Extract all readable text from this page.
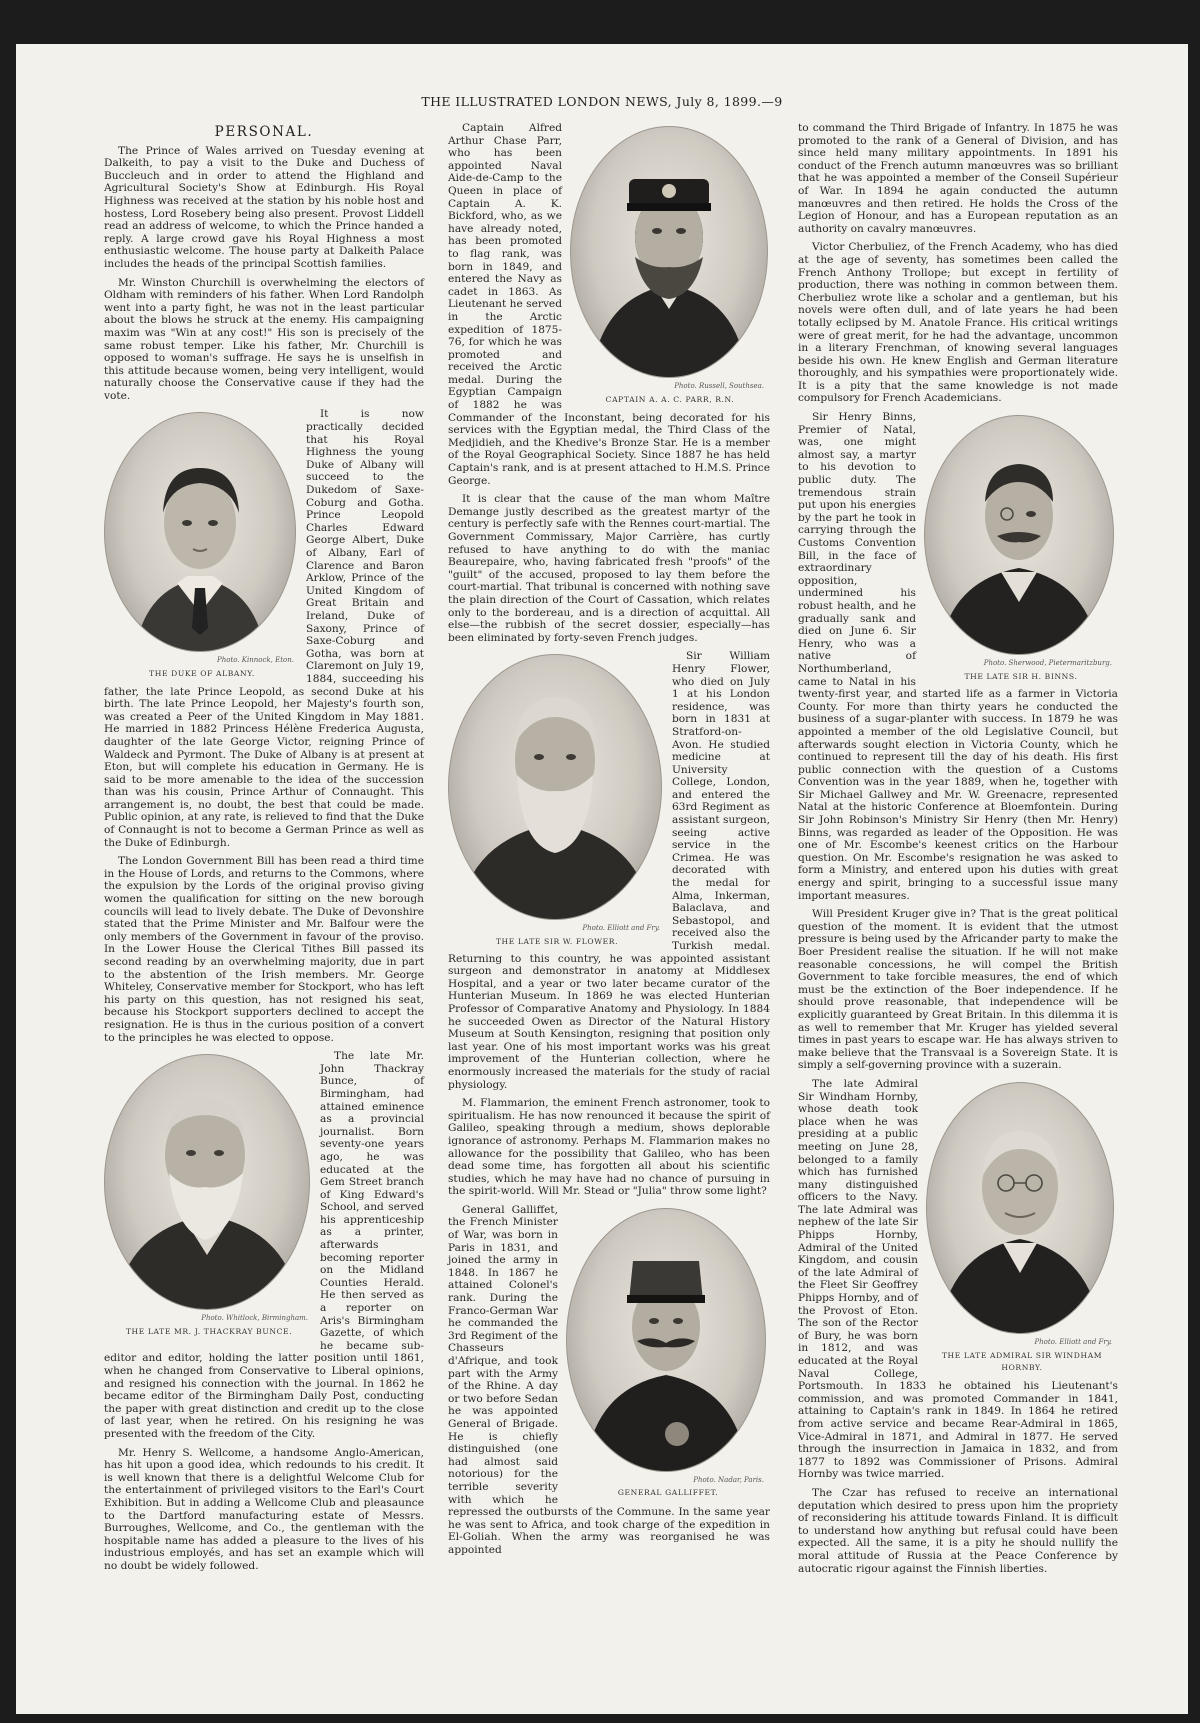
THE ILLUSTRATED LONDON NEWS, July 8, 1899.—9
PERSONAL.

The Prince of Wales arrived on Tuesday evening at Dalkeith, to pay a visit to the Duke and Duchess of Buccleuch and in order to attend the Highland and Agricultural Society's Show at Edinburgh. His Royal Highness was received at the station by his noble host and hostess, Lord Rosebery being also present. Provost Liddell read an address of welcome, to which the Prince handed a reply. A large crowd gave his Royal Highness a most enthusiastic welcome. The house party at Dalkeith Palace includes the heads of the principal Scottish families.

Mr. Winston Churchill is overwhelming the electors of Oldham with reminders of his father. When Lord Randolph went into a party fight, he was not in the least particular about the blows he struck at the enemy. His campaigning maxim was "Win at any cost!" His son is precisely of the same robust temper. Like his father, Mr. Churchill is opposed to woman's suffrage. He says he is unselfish in this attitude because women, being very intelligent, would naturally choose the Conservative cause if they had the vote.

Photo. Kinnock, Eton.
THE DUKE OF ALBANY.

It is now practically decided that his Royal Highness the young Duke of Albany will succeed to the Dukedom of Saxe-Coburg and Gotha. Prince Leopold Charles Edward George Albert, Duke of Albany, Earl of Clarence and Baron Arklow, Prince of the United Kingdom of Great Britain and Ireland, Duke of Saxony, Prince of Saxe-Coburg and Gotha, was born at Claremont on July 19, 1884, succeeding his father, the late Prince Leopold, as second Duke at his birth. The late Prince Leopold, her Majesty's fourth son, was created a Peer of the United Kingdom in May 1881. He married in 1882 Princess Hélène Frederica Augusta, daughter of the late George Victor, reigning Prince of Waldeck and Pyrmont. The Duke of Albany is at present at Eton, but will complete his education in Germany. He is said to be more amenable to the idea of the succession than was his cousin, Prince Arthur of Connaught. This arrangement is, no doubt, the best that could be made. Public opinion, at any rate, is relieved to find that the Duke of Connaught is not to become a German Prince as well as the Duke of Edinburgh.

The London Government Bill has been read a third time in the House of Lords, and returns to the Commons, where the expulsion by the Lords of the original proviso giving women the qualification for sitting on the new borough councils will lead to lively debate. The Duke of Devonshire stated that the Prime Minister and Mr. Balfour were the only members of the Government in favour of the proviso. In the Lower House the Clerical Tithes Bill passed its second reading by an overwhelming majority, due in part to the abstention of the Irish members. Mr. George Whiteley, Conservative member for Stockport, who has left his party on this question, has not resigned his seat, because his Stockport supporters declined to accept the resignation. He is thus in the curious position of a convert to the principles he was elected to oppose.

Photo. Whitlock, Birmingham.
THE LATE MR. J. THACKRAY BUNCE.

The late Mr. John Thackray Bunce, of Birmingham, had attained eminence as a provincial journalist. Born seventy-one years ago, he was educated at the Gem Street branch of King Edward's School, and served his apprenticeship as a printer, afterwards becoming reporter on the Midland Counties Herald. He then served as a reporter on Aris's Birmingham Gazette, of which he became sub-editor and editor, holding the latter position until 1861, when he changed from Conservative to Liberal opinions, and resigned his connection with the journal. In 1862 he became editor of the Birmingham Daily Post, conducting the paper with great distinction and credit up to the close of last year, when he retired. On his resigning he was presented with the freedom of the City.

Mr. Henry S. Wellcome, a handsome Anglo-American, has hit upon a good idea, which redounds to his credit. It is well known that there is a delightful Welcome Club for the entertainment of privileged visitors to the Earl's Court Exhibition. But in adding a Wellcome Club and pleasaunce to the Dartford manufacturing estate of Messrs. Burroughes, Wellcome, and Co., the gentleman with the hospitable name has added a pleasure to the lives of his industrious employés, and has set an example which will no doubt be widely followed.

Photo. Russell, Southsea.
CAPTAIN A. A. C. PARR, R.N.

Captain Alfred Arthur Chase Parr, who has been appointed Naval Aide-de-Camp to the Queen in place of Captain A. K. Bickford, who, as we have already noted, has been promoted to flag rank, was born in 1849, and entered the Navy as cadet in 1863. As Lieutenant he served in the Arctic expedition of 1875-76, for which he was promoted and received the Arctic medal. During the Egyptian Campaign of 1882 he was Commander of the Inconstant, being decorated for his services with the Egyptian medal, the Third Class of the Medjidieh, and the Khedive's Bronze Star. He is a member of the Royal Geographical Society. Since 1887 he has held Captain's rank, and is at present attached to H.M.S. Prince George.

It is clear that the cause of the man whom Maître Demange justly described as the greatest martyr of the century is perfectly safe with the Rennes court-martial. The Government Commissary, Major Carrière, has curtly refused to have anything to do with the maniac Beaurepaire, who, having fabricated fresh "proofs" of the "guilt" of the accused, proposed to lay them before the court-martial. That tribunal is concerned with nothing save the plain direction of the Court of Cassation, which relates only to the bordereau, and is a direction of acquittal. All else—the rubbish of the secret dossier, especially—has been eliminated by forty-seven French judges.

Photo. Elliott and Fry.
THE LATE SIR W. FLOWER.

Sir William Henry Flower, who died on July 1 at his London residence, was born in 1831 at Stratford-on-Avon. He studied medicine at University College, London, and entered the 63rd Regiment as assistant surgeon, seeing active service in the Crimea. He was decorated with the medal for Alma, Inkerman, Balaclava, and Sebastopol, and received also the Turkish medal. Returning to this country, he was appointed assistant surgeon and demonstrator in anatomy at Middlesex Hospital, and a year or two later became curator of the Hunterian Museum. In 1869 he was elected Hunterian Professor of Comparative Anatomy and Physiology. In 1884 he succeeded Owen as Director of the Natural History Museum at South Kensington, resigning that position only last year. One of his most important works was his great improvement of the Hunterian collection, where he enormously increased the materials for the study of racial physiology.

M. Flammarion, the eminent French astronomer, took to spiritualism. He has now renounced it because the spirit of Galileo, speaking through a medium, shows deplorable ignorance of astronomy. Perhaps M. Flammarion makes no allowance for the possibility that Galileo, who has been dead some time, has forgotten all about his scientific studies, which he may have had no chance of pursuing in the spirit-world. Will Mr. Stead or "Julia" throw some light?

Photo. Nadar, Paris.
GENERAL GALLIFFET.

General Galliffet, the French Minister of War, was born in Paris in 1831, and joined the army in 1848. In 1867 he attained Colonel's rank. During the Franco-German War he commanded the 3rd Regiment of the Chasseurs d'Afrique, and took part with the Army of the Rhine. A day or two before Sedan he was appointed General of Brigade. He is chiefly distinguished (one had almost said notorious) for the terrible severity with which he repressed the outbursts of the Commune. In the same year he was sent to Africa, and took charge of the expedition in El-Goliah. When the army was reorganised he was appointed

to command the Third Brigade of Infantry. In 1875 he was promoted to the rank of a General of Division, and has since held many military appointments. In 1891 his conduct of the French autumn manœuvres was so brilliant that he was appointed a member of the Conseil Supérieur of War. In 1894 he again conducted the autumn manœuvres and then retired. He holds the Cross of the Legion of Honour, and has a European reputation as an authority on cavalry manœuvres.

Victor Cherbuliez, of the French Academy, who has died at the age of seventy, has sometimes been called the French Anthony Trollope; but except in fertility of production, there was nothing in common between them. Cherbuliez wrote like a scholar and a gentleman, but his novels were often dull, and of late years he had been totally eclipsed by M. Anatole France. His critical writings were of great merit, for he had the advantage, uncommon in a literary Frenchman, of knowing several languages beside his own. He knew English and German literature thoroughly, and his sympathies were proportionately wide. It is a pity that the same knowledge is not made compulsory for French Academicians.

Photo. Sherwood, Pietermaritzburg.
THE LATE SIR H. BINNS.

Sir Henry Binns, Premier of Natal, was, one might almost say, a martyr to his devotion to public duty. The tremendous strain put upon his energies by the part he took in carrying through the Customs Convention Bill, in the face of extraordinary opposition, undermined his robust health, and he gradually sank and died on June 6. Sir Henry, who was a native of Northumberland, came to Natal in his twenty-first year, and started life as a farmer in Victoria County. For more than thirty years he conducted the business of a sugar-planter with success. In 1879 he was appointed a member of the old Legislative Council, but afterwards sought election in Victoria County, which he continued to represent till the day of his death. His first public connection with the question of a Customs Convention was in the year 1889, when he, together with Sir Michael Gallwey and Mr. W. Greenacre, represented Natal at the historic Conference at Bloemfontein. During Sir John Robinson's Ministry Sir Henry (then Mr. Henry) Binns, was regarded as leader of the Opposition. He was one of Mr. Escombe's keenest critics on the Harbour question. On Mr. Escombe's resignation he was asked to form a Ministry, and entered upon his duties with great energy and spirit, bringing to a successful issue many important measures.

Will President Kruger give in? That is the great political question of the moment. It is evident that the utmost pressure is being used by the Africander party to make the Boer President realise the situation. If he will not make reasonable concessions, he will compel the British Government to take forcible measures, the end of which must be the extinction of the Boer independence. If he should prove reasonable, that independence will be explicitly guaranteed by Great Britain. In this dilemma it is as well to remember that Mr. Kruger has yielded several times in past years to escape war. He has always striven to make believe that the Transvaal is a Sovereign State. It is simply a self-governing province with a suzerain.

Photo. Elliott and Fry.
THE LATE ADMIRAL SIR WINDHAM HORNBY.

The late Admiral Sir Windham Hornby, whose death took place when he was presiding at a public meeting on June 28, belonged to a family which has furnished many distinguished officers to the Navy. The late Admiral was nephew of the late Sir Phipps Hornby, Admiral of the United Kingdom, and cousin of the late Admiral of the Fleet Sir Geoffrey Phipps Hornby, and of the Provost of Eton. The son of the Rector of Bury, he was born in 1812, and was educated at the Royal Naval College, Portsmouth. In 1833 he obtained his Lieutenant's commission, and was promoted Commander in 1841, attaining to Captain's rank in 1849. In 1864 he retired from active service and became Rear-Admiral in 1865, Vice-Admiral in 1871, and Admiral in 1877. He served through the insurrection in Jamaica in 1832, and from 1877 to 1892 was Commissioner of Prisons. Admiral Hornby was twice married.

The Czar has refused to receive an international deputation which desired to press upon him the propriety of reconsidering his attitude towards Finland. It is difficult to understand how anything but refusal could have been expected. All the same, it is a pity he should nullify the moral attitude of Russia at the Peace Conference by autocratic rigour against the Finnish liberties.
